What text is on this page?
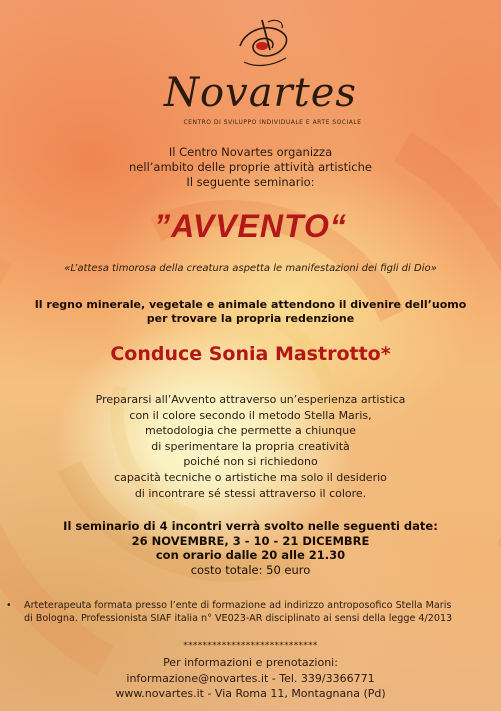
Novartes
CENTRO DI SVILUPPO INDIVIDUALE E ARTE SOCIALE
Il Centro Novartes organizza
nell’ambito delle proprie attività artistiche
Il seguente seminario:
”AVVENTO“
«L’attesa timorosa della creatura aspetta le manifestazioni dei figli di Dio»
Il regno minerale, vegetale e animale attendono il divenire dell’uomo
per trovare la propria redenzione
Conduce Sonia Mastrotto*
Prepararsi all’Avvento attraverso un’esperienza artistica
con il colore secondo il metodo Stella Maris,
metodologia che permette a chiunque
di sperimentare la propria creatività
poiché non si richiedono
capacità tecniche o artistiche ma solo il desiderio
di incontrare sé stessi attraverso il colore.
Il seminario di 4 incontri verrà svolto nelle seguenti date:
26 NOVEMBRE, 3 - 10 - 21 DICEMBRE
con orario dalle 20 alle 21.30
costo totale: 50 euro
•	Arteterapeuta formata presso l’ente di formazione ad indirizzo antroposofico Stella Maris
di Bologna. Professionista SIAF italia n° VE023-AR disciplinato ai sensi della legge 4/2013
****************************
Per informazioni e prenotazioni:
informazione@novartes.it - Tel. 339/3366771
www.novartes.it - Via Roma 11, Montagnana (Pd)
